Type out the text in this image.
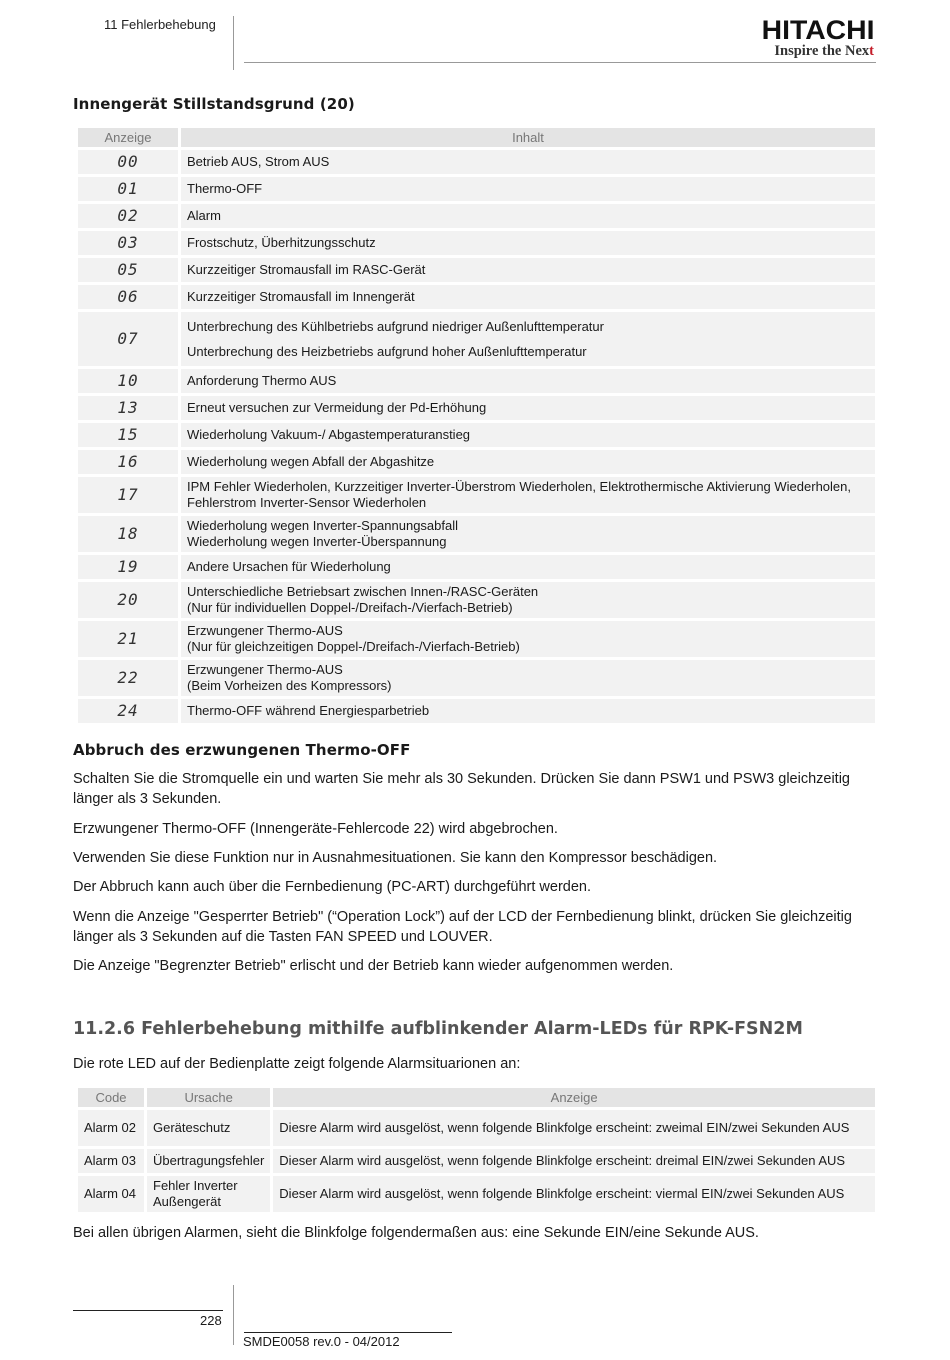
11 Fehlerbehebung	HITACHI
Inspire the Next
Innengerät Stillstandsgrund (20)
Anzeige	Inhalt
00	Betrieb AUS, Strom AUS

01	Thermo-OFF

02	Alarm

03	Frostschutz, Überhitzungsschutz

05	Kurzzeitiger Stromausfall im RASC-Gerät

06	Kurzzeitiger Stromausfall im Innengerät

07	Unterbrechung des Kühlbetriebs aufgrund niedriger Außenlufttemperatur
Unterbrechung des Heizbetriebs aufgrund hoher Außenlufttemperatur

10	Anforderung Thermo AUS

13	Erneut versuchen zur Vermeidung der Pd-Erhöhung

15	Wiederholung Vakuum-/ Abgastemperaturanstieg

16	Wiederholung wegen Abfall der Abgashitze

17	IPM Fehler Wiederholen, Kurzzeitiger Inverter-Überstrom Wiederholen, Elektrothermische Aktivierung Wiederholen,
Fehlerstrom Inverter-Sensor Wiederholen

18	Wiederholung wegen Inverter-Spannungsabfall
Wiederholung wegen Inverter-Überspannung

19	Andere Ursachen für Wiederholung

20	Unterschiedliche Betriebsart zwischen Innen-/RASC-Geräten
(Nur für individuellen Doppel-/Dreifach-/Vierfach-Betrieb)

21	Erzwungener Thermo-AUS
(Nur für gleichzeitigen Doppel-/Dreifach-/Vierfach-Betrieb)

22	Erzwungener Thermo-AUS
(Beim Vorheizen des Kompressors)

24	Thermo-OFF während Energiesparbetrieb
Abbruch des erzwungenen Thermo-OFF

Schalten Sie die Stromquelle ein und warten Sie mehr als 30 Sekunden. Drücken Sie dann PSW1 und PSW3 gleichzeitig länger als 3 Sekunden.

Erzwungener Thermo-OFF (Innengeräte-Fehlercode 22) wird abgebrochen.

Verwenden Sie diese Funktion nur in Ausnahmesituationen. Sie kann den Kompressor beschädigen.

Der Abbruch kann auch über die Fernbedienung (PC-ART) durchgeführt werden.

Wenn die Anzeige "Gesperrter Betrieb" (“Operation Lock”) auf der LCD der Fernbedienung blinkt, drücken Sie gleichzeitig länger als 3 Sekunden auf die Tasten FAN SPEED und LOUVER.

Die Anzeige "Begrenzter Betrieb" erlischt und der Betrieb kann wieder aufgenommen werden.

11.2.6 Fehlerbehebung mithilfe aufblinkender Alarm-LEDs für RPK-FSN2M

Die rote LED auf der Bedienplatte zeigt folgende Alarmsituarionen an:

Code	Ursache	Anzeige
Alarm 02	Geräteschutz	Diesre Alarm wird ausgelöst, wenn folgende Blinkfolge erscheint: zweimal EIN/zwei Sekunden AUS
Alarm 03	Übertragungsfehler	Dieser Alarm wird ausgelöst, wenn folgende Blinkfolge erscheint: dreimal EIN/zwei Sekunden AUS
Alarm 04	Fehler Inverter Außengerät	Dieser Alarm wird ausgelöst, wenn folgende Blinkfolge erscheint: viermal EIN/zwei Sekunden AUS

Bei allen übrigen Alarmen, sieht die Blinkfolge folgendermaßen aus: eine Sekunde EIN/eine Sekunde AUS.

228
SMDE0058 rev.0 - 04/2012
